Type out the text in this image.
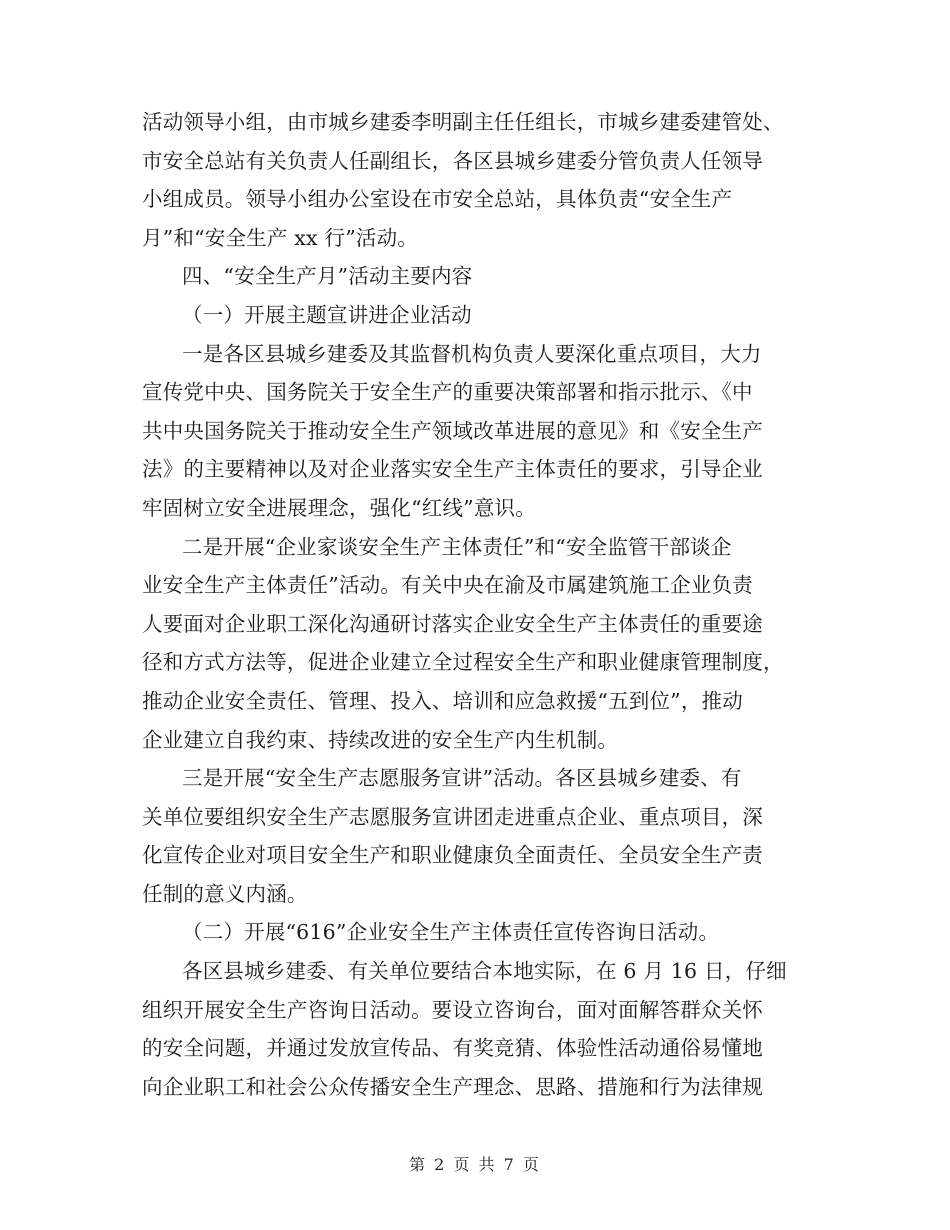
活动领导小组，由市城乡建委李明副主任任组长，市城乡建委建管处、
市安全总站有关负责人任副组长，各区县城乡建委分管负责人任领导
小组成员。领导小组办公室设在市安全总站，具体负责“安全生产
月”和“安全生产 xx 行”活动。
四、“安全生产月”活动主要内容
（一）开展主题宣讲进企业活动
一是各区县城乡建委及其监督机构负责人要深化重点项目，大力
宣传党中央、国务院关于安全生产的重要决策部署和指示批示、《中
共中央国务院关于推动安全生产领域改革进展的意见》和《安全生产
法》的主要精神以及对企业落实安全生产主体责任的要求，引导企业
牢固树立安全进展理念，强化“红线”意识。
二是开展“企业家谈安全生产主体责任”和“安全监管干部谈企
业安全生产主体责任”活动。有关中央在渝及市属建筑施工企业负责
人要面对企业职工深化沟通研讨落实企业安全生产主体责任的重要途
径和方式方法等，促进企业建立全过程安全生产和职业健康管理制度，
推动企业安全责任、管理、投入、培训和应急救援“五到位”，推动
企业建立自我约束、持续改进的安全生产内生机制。
三是开展“安全生产志愿服务宣讲”活动。各区县城乡建委、有
关单位要组织安全生产志愿服务宣讲团走进重点企业、重点项目，深
化宣传企业对项目安全生产和职业健康负全面责任、全员安全生产责
任制的意义内涵。
（二）开展“616”企业安全生产主体责任宣传咨询日活动。
各区县城乡建委、有关单位要结合本地实际，在 6 月 16 日，仔细
组织开展安全生产咨询日活动。要设立咨询台，面对面解答群众关怀
的安全问题，并通过发放宣传品、有奖竞猜、体验性活动通俗易懂地
向企业职工和社会公众传播安全生产理念、思路、措施和行为法律规
第 2 页 共 7 页
